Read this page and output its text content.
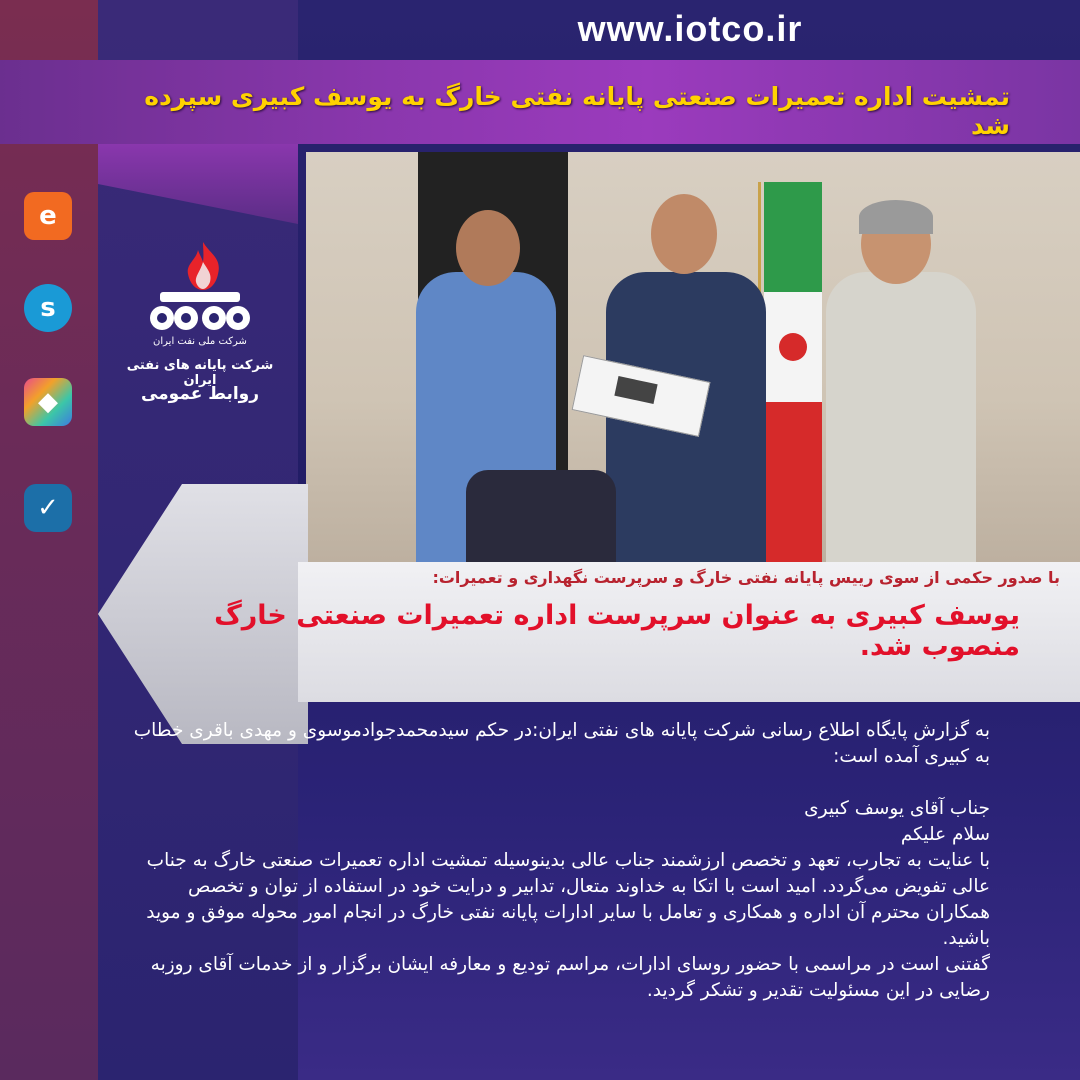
www.iotco.ir
تمشیت اداره تعمیرات صنعتی پایانه نفتی خارگ به یوسف کبیری سپرده شد
e
s
◆
✓
شرکت ملی نفت ایران
شرکت پایانه های نفتی ایران
روابط عمومی
با صدور حکمی از سوی رییس پایانه نفتی خارگ و سرپرست نگهداری و تعمیرات:
یوسف کبیری به عنوان سرپرست اداره تعمیرات صنعتی خارگ منصوب شد.

به گزارش پایگاه اطلاع رسانی شرکت پایانه های نفتی ایران:در حکم سیدمحمدجوادموسوی و مهدی باقری خطاب به کبیری آمده است:

جناب آقای یوسف کبیری

سلام علیکم

با عنایت به تجارب، تعهد و تخصص ارزشمند جناب عالی بدینوسیله تمشیت اداره تعمیرات صنعتی خارگ به جناب عالی تفویض می‌گردد. امید است با اتکا به خداوند متعال، تدابیر و درایت خود در استفاده از توان و تخصص همکاران محترم آن اداره و همکاری و تعامل با سایر ادارات پایانه نفتی خارگ در انجام امور محوله موفق و موید باشید.

گفتنی است در مراسمی با حضور روسای ادارات، مراسم تودیع و معارفه ایشان برگزار و از خدمات آقای روزبه رضایی در این مسئولیت تقدیر و تشکر گردید.
